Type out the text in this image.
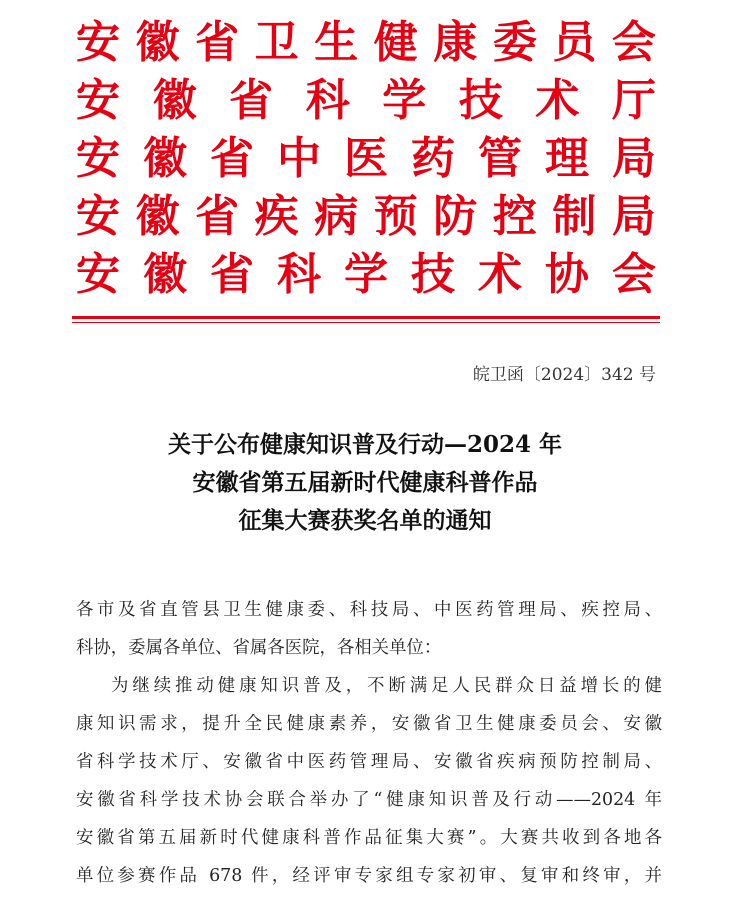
安 徽 省 卫 生 健 康 委 员 会
安 徽 省 科 学 技 术 厅
安 徽 省 中 医 药 管 理 局
安 徽 省 疾 病 预 防 控 制 局
安 徽 省 科 学 技 术 协 会
皖卫函〔2024〕342 号
关于公布健康知识普及行动—2024 年
安徽省第五届新时代健康科普作品
征集大赛获奖名单的通知
各市及省直管县卫生健康委、科技局、中医药管理局、疾控局、
科协，委属各单位、省属各医院，各相关单位：
为继续推动健康知识普及，不断满足人民群众日益增长的健
康知识需求，提升全民健康素养，安徽省卫生健康委员会、安徽
省科学技术厅、安徽省中医药管理局、安徽省疾病预防控制局、
安徽省科学技术协会联合举办了“健康知识普及行动——2024 年
安徽省第五届新时代健康科普作品征集大赛”。大赛共收到各地各
单位参赛作品 678 件，经评审专家组专家初审、复审和终审，并
